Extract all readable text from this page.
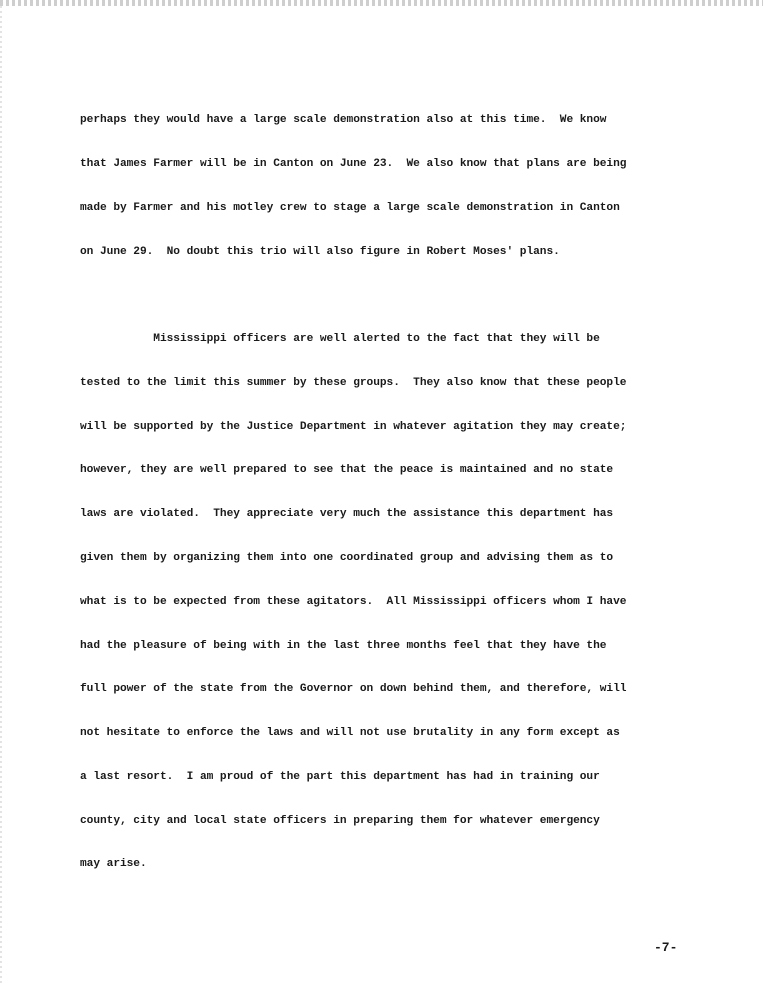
perhaps they would have a large scale demonstration also at this time.  We know

that James Farmer will be in Canton on June 23.  We also know that plans are being

made by Farmer and his motley crew to stage a large scale demonstration in Canton

on June 29.  No doubt this trio will also figure in Robert Moses' plans.

Mississippi officers are well alerted to the fact that they will be

tested to the limit this summer by these groups.  They also know that these people

will be supported by the Justice Department in whatever agitation they may create;

however, they are well prepared to see that the peace is maintained and no state

laws are violated.  They appreciate very much the assistance this department has

given them by organizing them into one coordinated group and advising them as to

what is to be expected from these agitators.  All Mississippi officers whom I have

had the pleasure of being with in the last three months feel that they have the

full power of the state from the Governor on down behind them, and therefore, will

not hesitate to enforce the laws and will not use brutality in any form except as

a last resort.  I am proud of the part this department has had in training our

county, city and local state officers in preparing them for whatever emergency

may arise.

-7-
